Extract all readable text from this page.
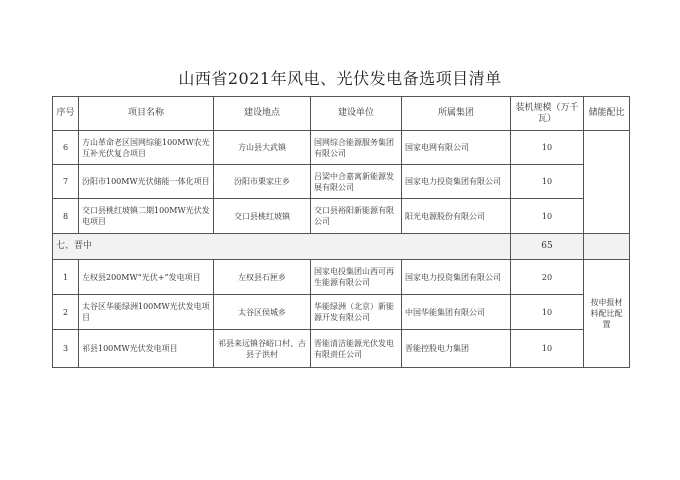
山西省2021年风电、光伏发电备选项目清单
序号	项目名称	建设地点	建设单位	所属集团	装机规模（万千瓦）	储能配比
6	方山革命老区国网综能100MW农光互补光伏复合项目	方山县大武镇	国网综合能源服务集团有限公司	国家电网有限公司	10	
7	汾阳市100MW光伏储能一体化项目	汾阳市栗家庄乡	吕梁中合嘉寓新能源发展有限公司	国家电力投资集团有限公司	10	
8	交口县桃红坡镇二期100MW光伏发电项目	交口县桃红坡镇	交口县裕阳新能源有限公司	阳光电源股份有限公司	10	
七、晋中					65	
1	左权县200MW“光伏+”发电项目	左权县石匣乡	国家电投集团山西可再生能源有限公司	国家电力投资集团有限公司	20	按申报材料配比配置
2	太谷区华能绿洲100MW光伏发电项目	太谷区侯城乡	华能绿洲（北京）新能源开发有限公司	中国华能集团有限公司	10	
3	祁县100MW光伏发电项目	祁县来远镇谷峪口村、古县子洪村	晋能清洁能源光伏发电有限责任公司	晋能控股电力集团	10	
